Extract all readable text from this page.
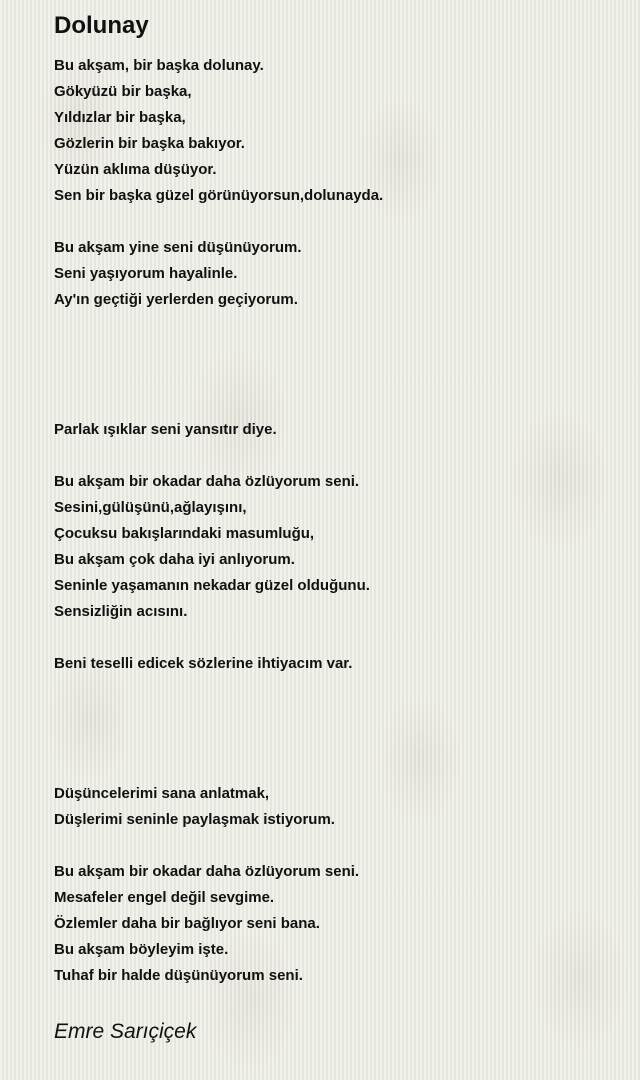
Dolunay
Bu akşam, bir başka dolunay.
Gökyüzü bir başka,
Yıldızlar bir başka,
Gözlerin bir başka bakıyor.
Yüzün aklıma düşüyor.
Sen bir başka güzel görünüyorsun,dolunayda.
Bu akşam yine seni düşünüyorum.
Seni yaşıyorum hayalinle.
Ay'ın geçtiği yerlerden geçiyorum.
Parlak ışıklar seni yansıtır diye.
Bu akşam bir okadar daha özlüyorum seni.
Sesini,gülüşünü,ağlayışını,
Çocuksu bakışlarındaki masumluğu,
Bu akşam çok daha iyi anlıyorum.
Seninle yaşamanın nekadar güzel olduğunu.
Sensizliğin acısını.
Beni teselli edicek sözlerine ihtiyacım var.
Düşüncelerimi sana anlatmak,
Düşlerimi seninle paylaşmak istiyorum.
Bu akşam bir okadar daha özlüyorum seni.
Mesafeler engel değil sevgime.
Özlemler daha bir bağlıyor seni bana.
Bu akşam böyleyim işte.
Tuhaf bir halde düşünüyorum seni.
Emre Sarıçiçek
